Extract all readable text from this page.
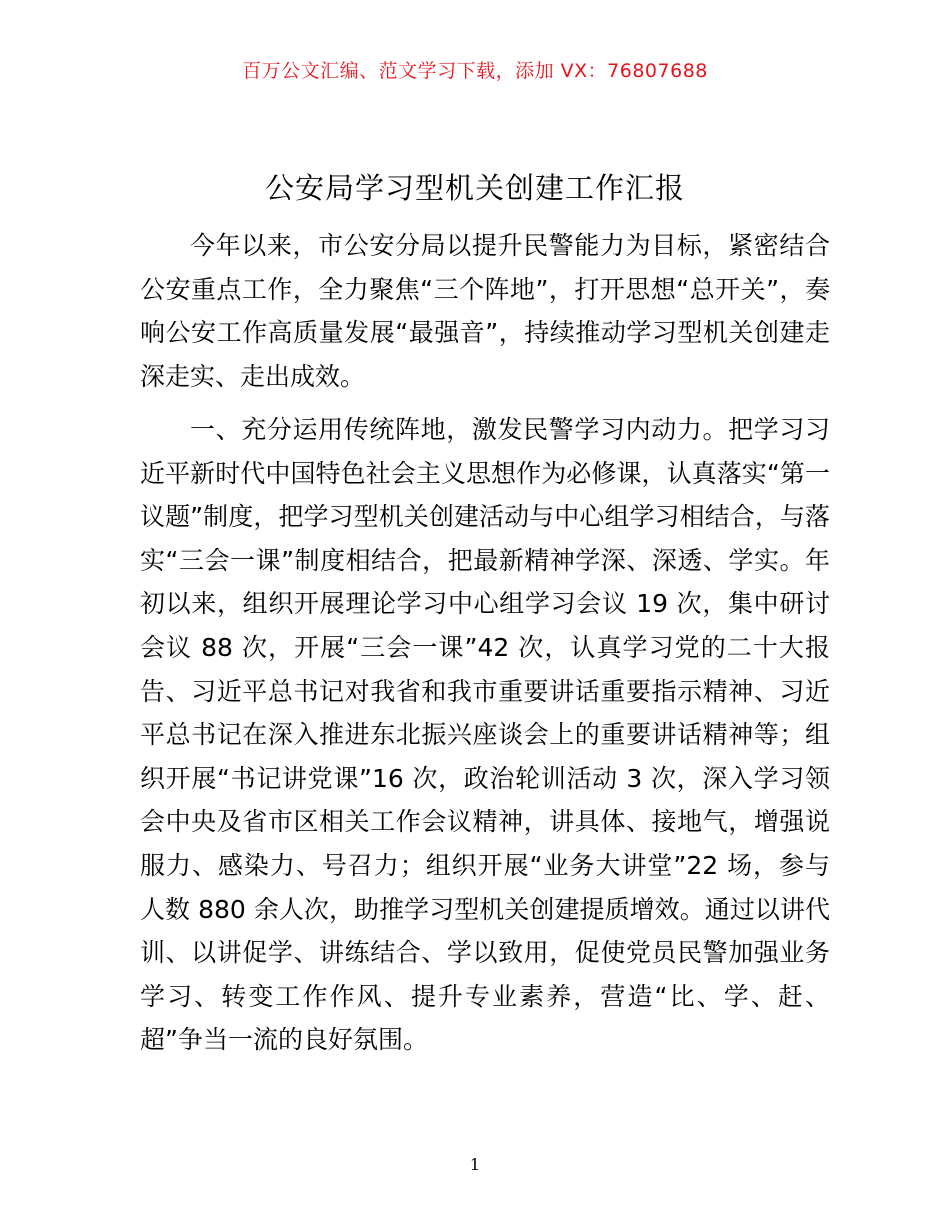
百万公文汇编、范文学习下载，添加 VX：76807688
公安局学习型机关创建工作汇报

今年以来，市公安分局以提升民警能力为目标，紧密结合公安重点工作，全力聚焦“三个阵地”，打开思想“总开关”，奏响公安工作高质量发展“最强音”，持续推动学习型机关创建走深走实、走出成效。

一、充分运用传统阵地，激发民警学习内动力。把学习习近平新时代中国特色社会主义思想作为必修课，认真落实“第一议题”制度，把学习型机关创建活动与中心组学习相结合，与落实“三会一课”制度相结合，把最新精神学深、深透、学实。年初以来，组织开展理论学习中心组学习会议 19 次，集中研讨会议 88 次，开展“三会一课”42 次，认真学习党的二十大报告、习近平总书记对我省和我市重要讲话重要指示精神、习近平总书记在深入推进东北振兴座谈会上的重要讲话精神等；组织开展“书记讲党课”16 次，政治轮训活动 3 次，深入学习领会中央及省市区相关工作会议精神，讲具体、接地气，增强说服力、感染力、号召力；组织开展“业务大讲堂”22 场，参与人数 880 余人次，助推学习型机关创建提质增效。通过以讲代训、以讲促学、讲练结合、学以致用，促使党员民警加强业务学习、转变工作作风、提升专业素养，营造“比、学、赶、超”争当一流的良好氛围。

1
